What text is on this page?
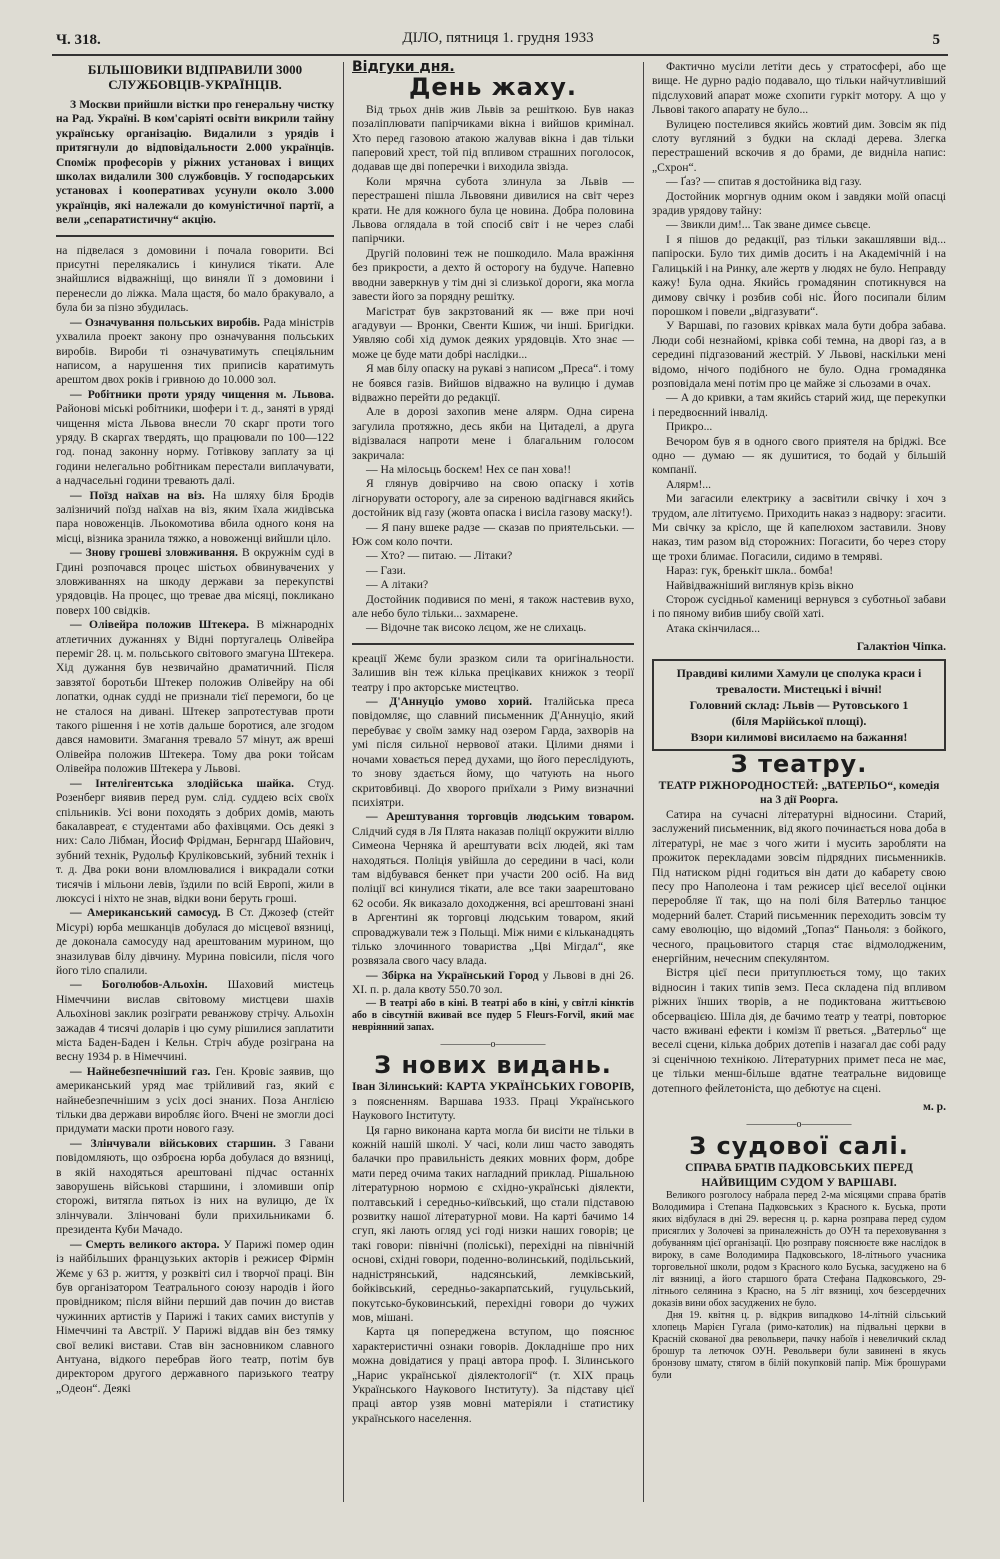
Ч. 318.	ДІЛО, пятниця 1. грудня 1933	5
БІЛЬШОВИКИ ВІДПРАВИЛИ 3000 СЛУЖБОВЦІВ-УКРАЇНЦІВ.

З Москви прийшли вістки про генеральну чистку на Рад. Україні. В ком'саріяті освіти викрили тайну українську організацію. Видалили з урядів і притягнули до відповідальности 2.000 українців. Споміж професорів у ріжних установах і вищих школах видалили 300 службовців. У господарських установах і кооперативах усунули около 3.000 українців, які належали до комуністичної партії, а вели „сепаратистичну“ акцію.

на підвелася з домовини і почала говорити. Всі присутні перелякались і кинулися тікати. Але знайшлися відважніщі, що виняли її з домовини і перенесли до ліжка. Мала щастя, бо мало бракувало, а була би за пізно збудилась.

— Означування польських виробів. Рада міністрів ухвалила проект закону про означування польських виробів. Вироби ті означуватимуть спеціяльним написом, а нарушення тих приписів каратимуть арештом двох років і гривною до 10.000 зол.

— Робітники проти уряду чищення м. Львова. Районові міські робітники, шофери і т. д., занятi в урядi чищення міста Львова внесли 70 скарг проти того уряду. В скаргах твердять, що працювали по 100—122 год. понад законну норму. Готівкову заплату за ці години нелегально робітникам перестали виплачувати, а надчасельні години тревають далі.

— Поїзд наїхав на віз. На шляху біля Бродів залізничий поїзд наїхав на віз, яким їхала жидівська пара новоженців. Льокомотива вбила одного коня на місці, візника зранила тяжко, а новоженці вийшли ціло.

— Знову грошеві зловживання. В окружнім суді в Гдині розпочався процес шістьох обвинувачених у зловживаннях на шкоду держави за перекупстві урядовців. На процес, що тревае два місяці, покликано поверх 100 свідків.

— Олівейра положив Штекера. В міжнародніх атлетичних дужаннях у Відні португалець Олівейра переміг 28. ц. м. польського світового змагуна Штекера. Хід дужання був незвичайно драматичний. Після завзятої боротьби Штекер положив Олівейру на обі лопатки, однак судді не признали тієї перемоги, бо це не сталося на дивані. Штекер запротестував проти такого рішення і не хотів дальше боротися, але згодом дався намовити. Змагання тревало 57 мінут, аж вреші Олівейра положив Штекера. Тому два роки тойсам Олівейра положив Штекера у Львові.

— Інтелігентська злодійська шайка. Студ. Розенберг виявив перед рум. слід. суддею всіх своїх спільників. Усі вони походять з добрих домів, мають бакалавреат, є студентами або фахівцями. Ось деякі з них: Сало Лібман, Йосиф Фрідман, Бернгард Шайович, зубний технік, Рудольф Круліковський, зубний технік і т. д. Два роки вони вломлювалися і викрадали сотки тисячів і мільони левів, їздили по всій Европі, жили в люксусі і ніхто не знав, відки вони беруть гроші.

— Американський самосуд. В Ст. Джозеф (стейт Місурі) юрба мешканців добулася до місцевої вязниці, де доконала самосуду над арештованим мурином, що зназилував білу дівчину. Мурина повісили, після чого його тіло спалили.

— Боголюбов-Альохін. Шаховий мистець Німеччини вислав світовому мистцеви шахів Альохінові заклик розіграти реванжову стрічу. Альохін зажадав 4 тисячі доларів і цю суму рішилися заплатити міста Баден-Баден і Кельн. Стріч абуде розіграна на весну 1934 р. в Німеччині.

— Найнебезпечніший газ. Ген. Кровіє заявив, що американський уряд має трійливий газ, який є найнебезпечнішим з усіх досі знаних. Поза Англією тільки два держави виробляє його. Вчені не змогли досі придумати маски проти нового газу.

— Злінчували військових старшин. З Гавани повідомляють, що озброєна юрба добулася до вязниці, в якій находяться арештовані підчас останніх заворушень військові старшини, і зломивши опір сторожі, витягла пятьох із них на вулицю, де їх злінчували. Злінчовані були прихильниками б. президента Куби Мачадо.

— Смерть великого актора. У Парижі помер один із найбільших французьких акторів і режисер Фірмін Жемє у 63 р. життя, у розквіті сил і творчої праці. Він був організатором Театрального союзу народів і його провідником; після війни перший дав почин до вистав чужинних артистів у Парижі і таких самих виступів у Німеччині та Австрії. У Парижі віддав він без тямку свої великі вистави. Став він засновником славного Антуана, відкого перебрав його театр, потім був директором другого державного паризького театру „Одеон“. Деякі

Відгуки дня.
День жаху.

Від трьох днів жив Львів за решіткою. Був наказ позаліплювати папірчиками вікна і вийшов кримінал. Хто перед газовою атакою жалував вікна і дав тільки паперовий хрест, той під впливом страшних поголосок, додавав ще дві поперечки і виходила звізда.

Коли мрячна субота злинула за Львів — перестрашені пішла Львовяни дивилися на світ через крати. Не для кожного була це новина. Добра половина Львова оглядала в той спосіб світ і не через слабі папірчики.

Другій половині теж не пошкодило. Мала вражіння без прикрости, а дехто й осторогу на будуче. Напевно вводни заверкнув у тім дні зі слизької дороги, яка могла завести його за порядну решітку.

Магістрат був закрзтований як — вже при ночі агадувуи — Вронки, Свенти Кшиж, чи інші. Бригідки. Уявляю собі хід думок деяких урядовців. Хто знає — може це буде мати добрі наслідки...

Я мав білу опаску на рукаві з написом „Преса“. і тому не боявся газів. Вийшов відважно на вулицю і думав відважно перейти до редакції.

Але в дорозі захопив мене алярм. Одна сирена загулила протяжно, десь якби на Цитаделі, а друга відізвалася напроти мене і благальним голосом закричала:

— На мілосьць боскем! Нех се пан хова!!

Я глянув довірчиво на свою опаску і хотів лігнорувати осторогу, але за сиреною вадігнався якийсь достойник від газу (жовта опаска і висіла газову маску!).

— Я пану вшеке радзе — сказав по приятельськи. — Юж сом коло почти.

— Хто? — питаю. — Літаки?

— Гази.

— А літаки?

Достойник подивися по мені, я також настевив вухо, але небо було тільки... захмарене.

— Відочне так високо лєцом, же не слихаць.

креації Жемє були зразком сили та оригінальности. Залишив він теж кілька прецікавих книжок з теорії театру і про акторське мистецтво.

— Д'Аннуціо умово хорий. Італійська преса повідомляє, що славний письменник Д'Аннуціо, який перебуває у своїм замку над озером Гарда, захворів на умі після сильної нервової атаки. Цілими днями і ночами ховається перед духами, що його переслідують, то знову здається йому, що чатують на нього скритовбивці. До хворого приїхали з Риму визначниі психіятри.

— Арештування торговців людським товаром. Слідчий судя в Ля Плята наказав поліції окружити віллю Симеона Черняка й арештувати всіх людей, які там находяться. Поліція увійшла до середини в часі, коли там відбувався бенкет при участи 200 осіб. На вид поліції всі кинулися тікати, але все таки заарештовано 62 особи. Як виказало доходження, всі арештовані знані в Аргентині як торговці людським товаром, який спроваджували теж з Польщі. Між ними є кільканадцять тілько злочинного товариства „Цві Мігдал“, яке розвязала свого часу влада.

— Збірка на Український Город у Львові в дні 26. XI. п. р. дала квоту 550.70 зол.

— В театрі або в кіні. В театрі або в кіні, у світлі кінктів або в сівсутній вживай все пудер 5 Fleurs-Forvil, який має невріянний запах.

—————o—————
З нових видань.

Іван Зілинський: КАРТА УКРАЇНСЬКИХ ГОВОРІВ, з поясненням. Варшава 1933. Праці Українського Наукового Інституту.

Ця гарно виконана карта могла би висіти не тільки в кожній нашій школі. У часі, коли лиш часто заводять балачки про правильність деяких мовних форм, добре мати перед очима таких нагладний приклад. Рішальною літературною нормою є східно-українські діялекти, полтавський і середньо-київський, що стали підставою розвитку нашої літературної мови. На карті бачимо 14 сгуп, які лають огляд усі годі низки наших говорів; це такі говори: північні (поліські), перехідні на північній основі, східні говори, поденно-волинський, подільський, надністрянський, надсянський, лемківський, бойківський, середньо-закарпатський, гуцульський, покутсько-буковинський, перехідні говори до чужих мов, мішані.

Карта ця попереджена вступом, що пояснює характеристичні ознаки говорів. Докладніше про них можна довідатися у праці автора проф. І. Зілинського „Нарис української діялектології“ (т. XIX праць Українського Наукового Інституту). За підставу цієї праці автор узяв мовні матеріяли і статистику українського населення.

Фактично мусіли летіти десь у стратосфері, або ще вище. Не дурно радіо подавало, що тільки найчутливіший підслуховий апарат може схопити гуркіт мотору. А що у Львові такого апарату не було...

Вулицею постелився якийсь жовтий дим. Зовсім як під слоту вугляний з будки на складі дерева. Злегка перестрашений вскочив я до брами, де видніла напис: „Схрон“.

— Ґаз? — спитав я достойника від газу.

Достойник моргнув одним оком і завдяки моїй опасці зрадив урядову тайну:

— Звикли дим!... Так зване димєе сьвєце.

І я пішов до редакції, раз тільки закашлявши від... папіроски. Було тих димів досить і на Академічній і на Галицькій і на Ринку, але жертв у людях не було. Неправду кажу! Була одна. Якийсь громадянин спотикнувся на димову свічку і розбив собі ніс. Його посипали білим порошком і повели „відгазувати“.

У Варшаві, по газових крівках мала бути добра забава. Люди собі незнайомі, крівка собі темна, на дворі ґаз, а в середині підгазований жестрій. У Львові, наскільки мені відомо, нічого подібного не було. Одна громадянка розповідала мені потім про це майже зі сльозами в очах.

— А до кривки, а там якийсь старий жид, ще перекупки і передвоєнний інвалід.

Прикро...

Вечором був я в одного свого приятеля на бріджі. Все одно — думаю — як душитися, то бодай у більшій компанії.

Алярм!...

Ми загасили електрику а засвітили свічку і хоч з трудом, але літитуємо. Приходить наказ з надвору: згасити. Ми свічку за крісло, ще й капелюхом заставили. Знову наказ, тим разом від сторожних: Погасити, бо через стору ще трохи блимає. Погасили, сидимо в темряві.

Нараз: гук, брењкіт шкла.. бомба!

Найвідважніший виглянув крізь вікно

Сторож сусідньої камениці вернувся з суботньої забави і по пяному вибив шибу своїй хаті.

Атака скінчилася...

Галактіон Чіпка.
Правдиві килими Хамули це сполука краси і тревалости. Мистецькі і вічні!
Головний склад: Львів — Рутовського 1
(біля Марійської площі).
Взори килимові висилаємо на бажання!
З театру.

ТЕАТР РІЖНОРОДНОСТЕЙ: „ВАТЕРЛЬО“, комедія на 3 дії Роорга.

Сатира на сучасні літературні відносини. Старий, заслужений письменник, від якого починається нова доба в літературі, не має з чого жити і мусить заробляти на прожиток перекладами зовсім підрядних письменників. Під натиском рідні годиться він дати до кабарету свою песу про Наполеона і там режисер цієї веселої оцінки переробляе її так, що на полі біля Ватерльо танцює модерний балет. Старий письменник переходить зовсім ту саму еволюцію, що відомий „Топаз“ Паньоля: з бойкого, чесного, працьовитого старця стає відмолодженим, енергійним, нечесним спекулянтом.

Вістря цієї песи притуплюється тому, що таких відносин і таких типів земз. Песа складена під впливом ріжних їнших творів, а не подиктована життьєвою обсервацією. Шіла дія, де бачимо театр у театрі, повторює часто вживані ефекти і комізм її рветься. „Ватерльо“ ще веселі сцени, кілька добрих дотепів і назагал дає собі раду зі сценічною технікою. Літературних примет песа не має, це тільки менш-більше вдатне театральне видовище дотепного фейлетоніста, що дебютує на сцені.

м. р.
—————o—————
З судової салі.

СПРАВА БРАТІВ ПАДКОВСЬКИХ ПЕРЕД НАЙВИЩИМ СУДОМ У ВАРШАВІ.

Великого розголосу набрала перед 2-ма місяцями справа братів Володимира і Степана Падковських з Красного к. Буська, проти яких відбулася в днi 29. вересня ц. р. карна розправа перед судом присяглих у Золочеві за приналежність до ОУН та переховування з добуванням цієї організації. Цю розправу пояснюєте вже наслідок в вироку, в саме Володимира Падковського, 18-літнього учасника торговельної школи, родом з Красного коло Буська, засуджено на 6 літ вязниці, а його старшого брата Стефана Падковського, 29-літнього селянина з Красно, на 5 літ вязниці, хоч безсердечних доказів вини обох засуджених не було.

Дня 19. квітня ц. р. відкрив випадково 14-літній сільський хлопець Марієн Гугала (римо-католик) на підвальні церкви в Красній скованої два револьвери, пачку набоїв і невеличкий склад брошур та летючок ОУН. Револьвери були завинені в якусь бронзову шмату, стягом в білій покупковій папір. Між брошурами були
